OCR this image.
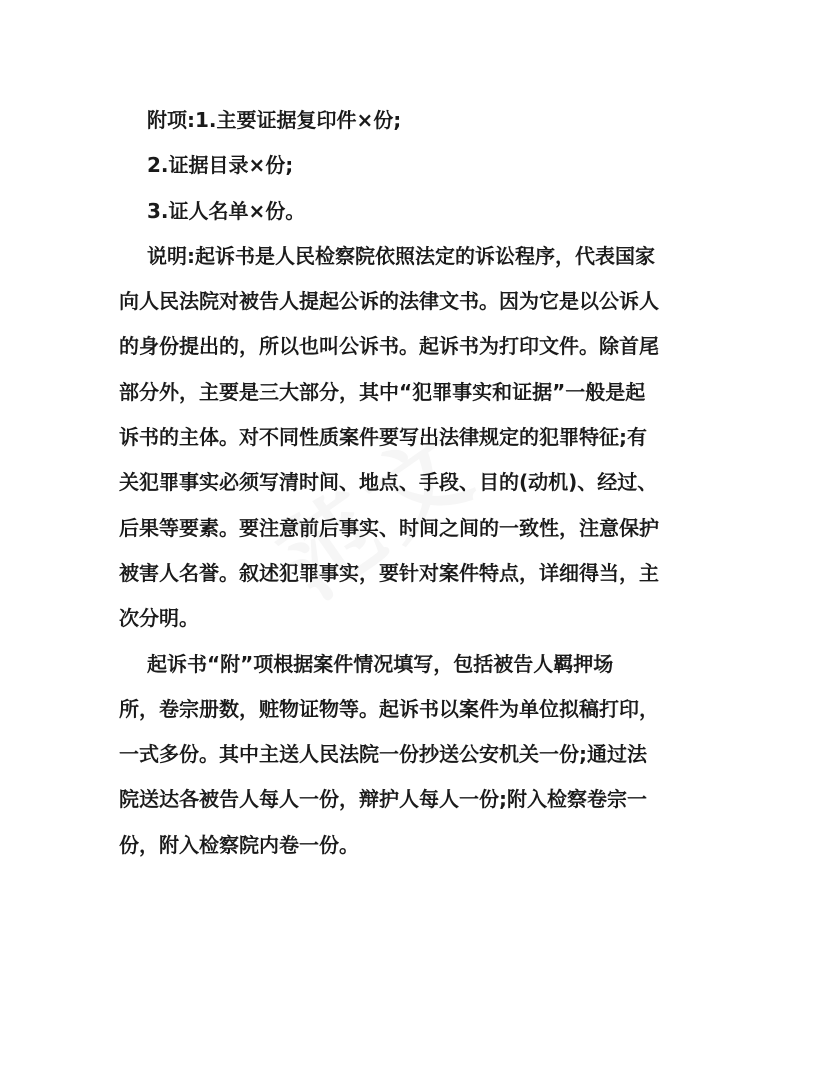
附项:1.主要证据复印件×份;
2.证据目录×份;
3.证人名单×份。
说明:起诉书是人民检察院依照法定的诉讼程序，代表国家
向人民法院对被告人提起公诉的法律文书。因为它是以公诉人
的身份提出的，所以也叫公诉书。起诉书为打印文件。除首尾
部分外，主要是三大部分，其中“犯罪事实和证据”一般是起
诉书的主体。对不同性质案件要写出法律规定的犯罪特征;有
关犯罪事实必须写清时间、地点、手段、目的(动机)、经过、
后果等要素。要注意前后事实、时间之间的一致性，注意保护
被害人名誉。叙述犯罪事实，要针对案件特点，详细得当，主
次分明。
起诉书“附”项根据案件情况填写，包括被告人羁押场
所，卷宗册数，赃物证物等。起诉书以案件为单位拟稿打印，
一式多份。其中主送人民法院一份抄送公安机关一份;通过法
院送达各被告人每人一份，辩护人每人一份;附入检察卷宗一
份，附入检察院内卷一份。
